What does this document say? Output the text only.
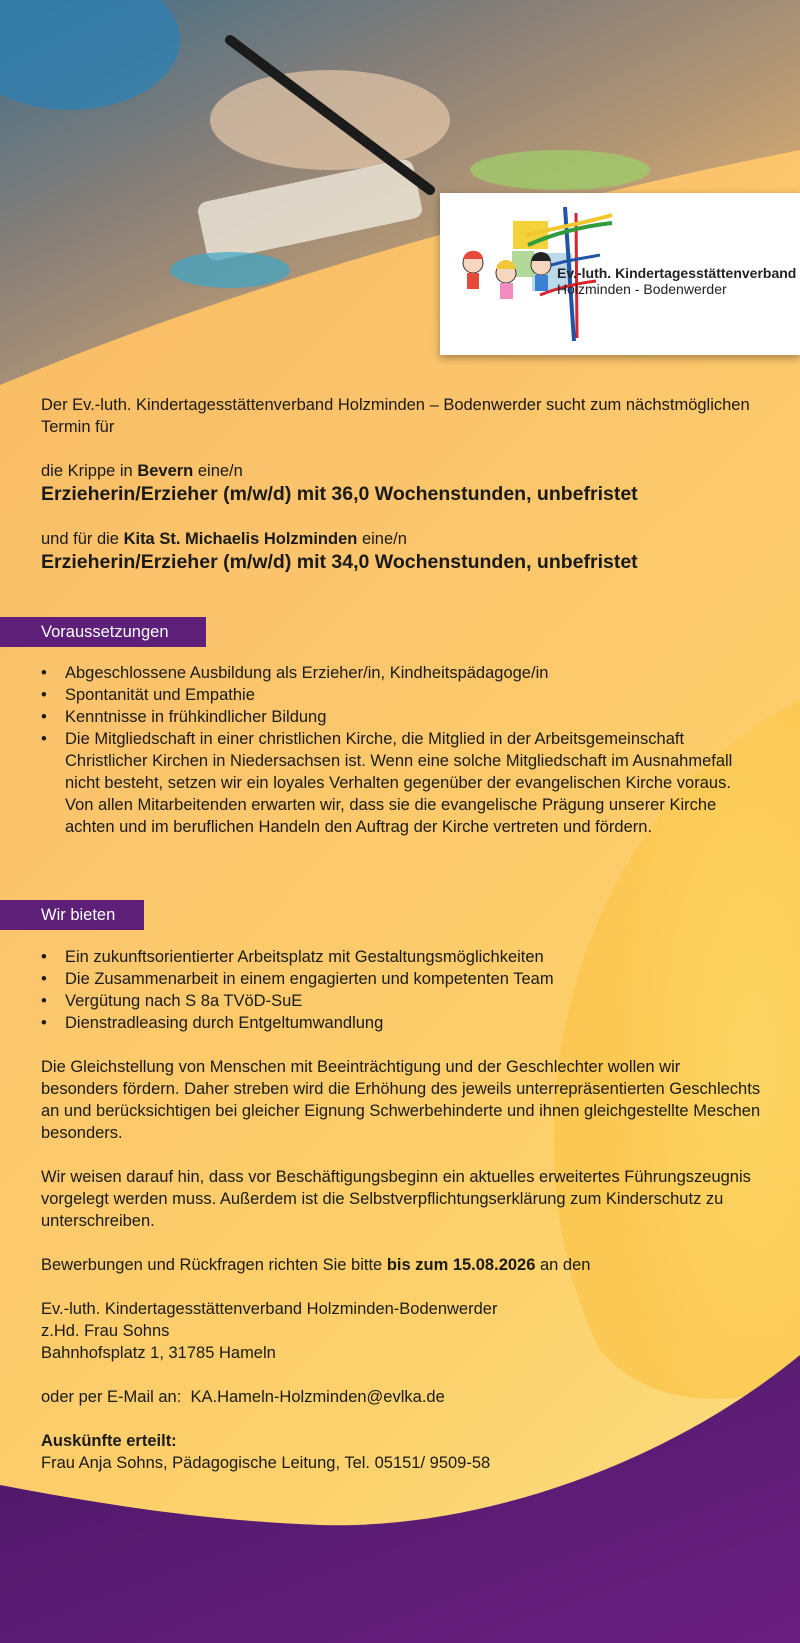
Ev.-luth. Kindertagesstättenverband
Holzminden - Bodenwerder

Der Ev.-luth. Kindertagesstättenverband Holzminden – Bodenwerder sucht zum nächstmöglichen Termin für

die Krippe in Bevern eine/n

Erzieherin/Erzieher (m/w/d) mit 36,0 Wochenstunden, unbefristet

und für die Kita St. Michaelis Holzminden eine/n

Erzieherin/Erzieher (m/w/d) mit 34,0 Wochenstunden, unbefristet

Voraussetzungen
• Abgeschlossene Ausbildung als Erzieher/in, Kindheitspädagoge/in
• Spontanität und Empathie
• Kenntnisse in frühkindlicher Bildung
• Die Mitgliedschaft in einer christlichen Kirche, die Mitglied in der Arbeitsgemeinschaft Christlicher Kirchen in Niedersachsen ist. Wenn eine solche Mitgliedschaft im Ausnahmefall nicht besteht, setzen wir ein loyales Verhalten gegenüber der evangelischen Kirche voraus. Von allen Mitarbeitenden erwarten wir, dass sie die evangelische Prägung unserer Kirche achten und im beruflichen Handeln den Auftrag der Kirche vertreten und fördern.
Wir bieten
• Ein zukunftsorientierter Arbeitsplatz mit Gestaltungsmöglichkeiten
• Die Zusammenarbeit in einem engagierten und kompetenten Team
• Vergütung nach S 8a TVöD-SuE
• Dienstradleasing durch Entgeltumwandlung

Die Gleichstellung von Menschen mit Beeinträchtigung und der Geschlechter wollen wir besonders fördern. Daher streben wird die Erhöhung des jeweils unterrepräsentierten Geschlechts an und berücksichtigen bei gleicher Eignung Schwerbehinderte und ihnen gleichgestellte Meschen besonders.

Wir weisen darauf hin, dass vor Beschäftigungsbeginn ein aktuelles erweitertes Führungszeugnis vorgelegt werden muss. Außerdem ist die Selbstverpflichtungserklärung zum Kinderschutz zu unterschreiben.

Bewerbungen und Rückfragen richten Sie bitte bis zum 15.08.2026 an den

Ev.-luth. Kindertagesstättenverband Holzminden-Bodenwerder

z.Hd. Frau Sohns

Bahnhofsplatz 1, 31785 Hameln

oder per E-Mail an:  KA.Hameln-Holzminden@evlka.de

Auskünfte erteilt:

Frau Anja Sohns, Pädagogische Leitung, Tel. 05151/ 9509-58
